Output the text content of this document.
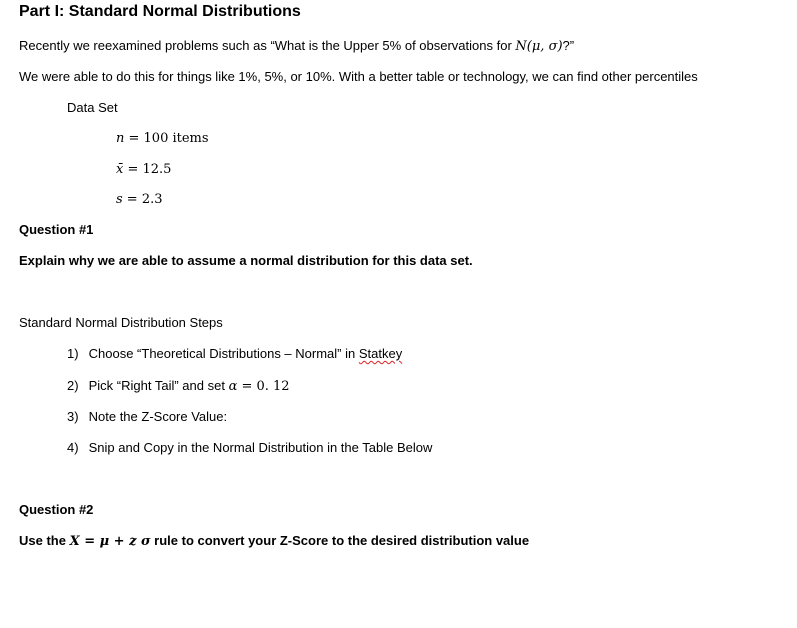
Part I: Standard Normal Distributions
Recently we reexamined problems such as “What is the Upper 5% of observations for N(μ, σ)?”
We were able to do this for things like 1%, 5%, or 10%. With a better table or technology, we can find other percentiles
Data Set
n = 100 items
x̄ = 12.5
s = 2.3
Question #1
Explain why we are able to assume a normal distribution for this data set.
Standard Normal Distribution Steps
1) Choose “Theoretical Distributions – Normal” in Statkey
2) Pick “Right Tail” and set α = 0. 12
3) Note the Z-Score Value:
4) Snip and Copy in the Normal Distribution in the Table Below
Question #2
Use the X = μ + z σ rule to convert your Z-Score to the desired distribution value
